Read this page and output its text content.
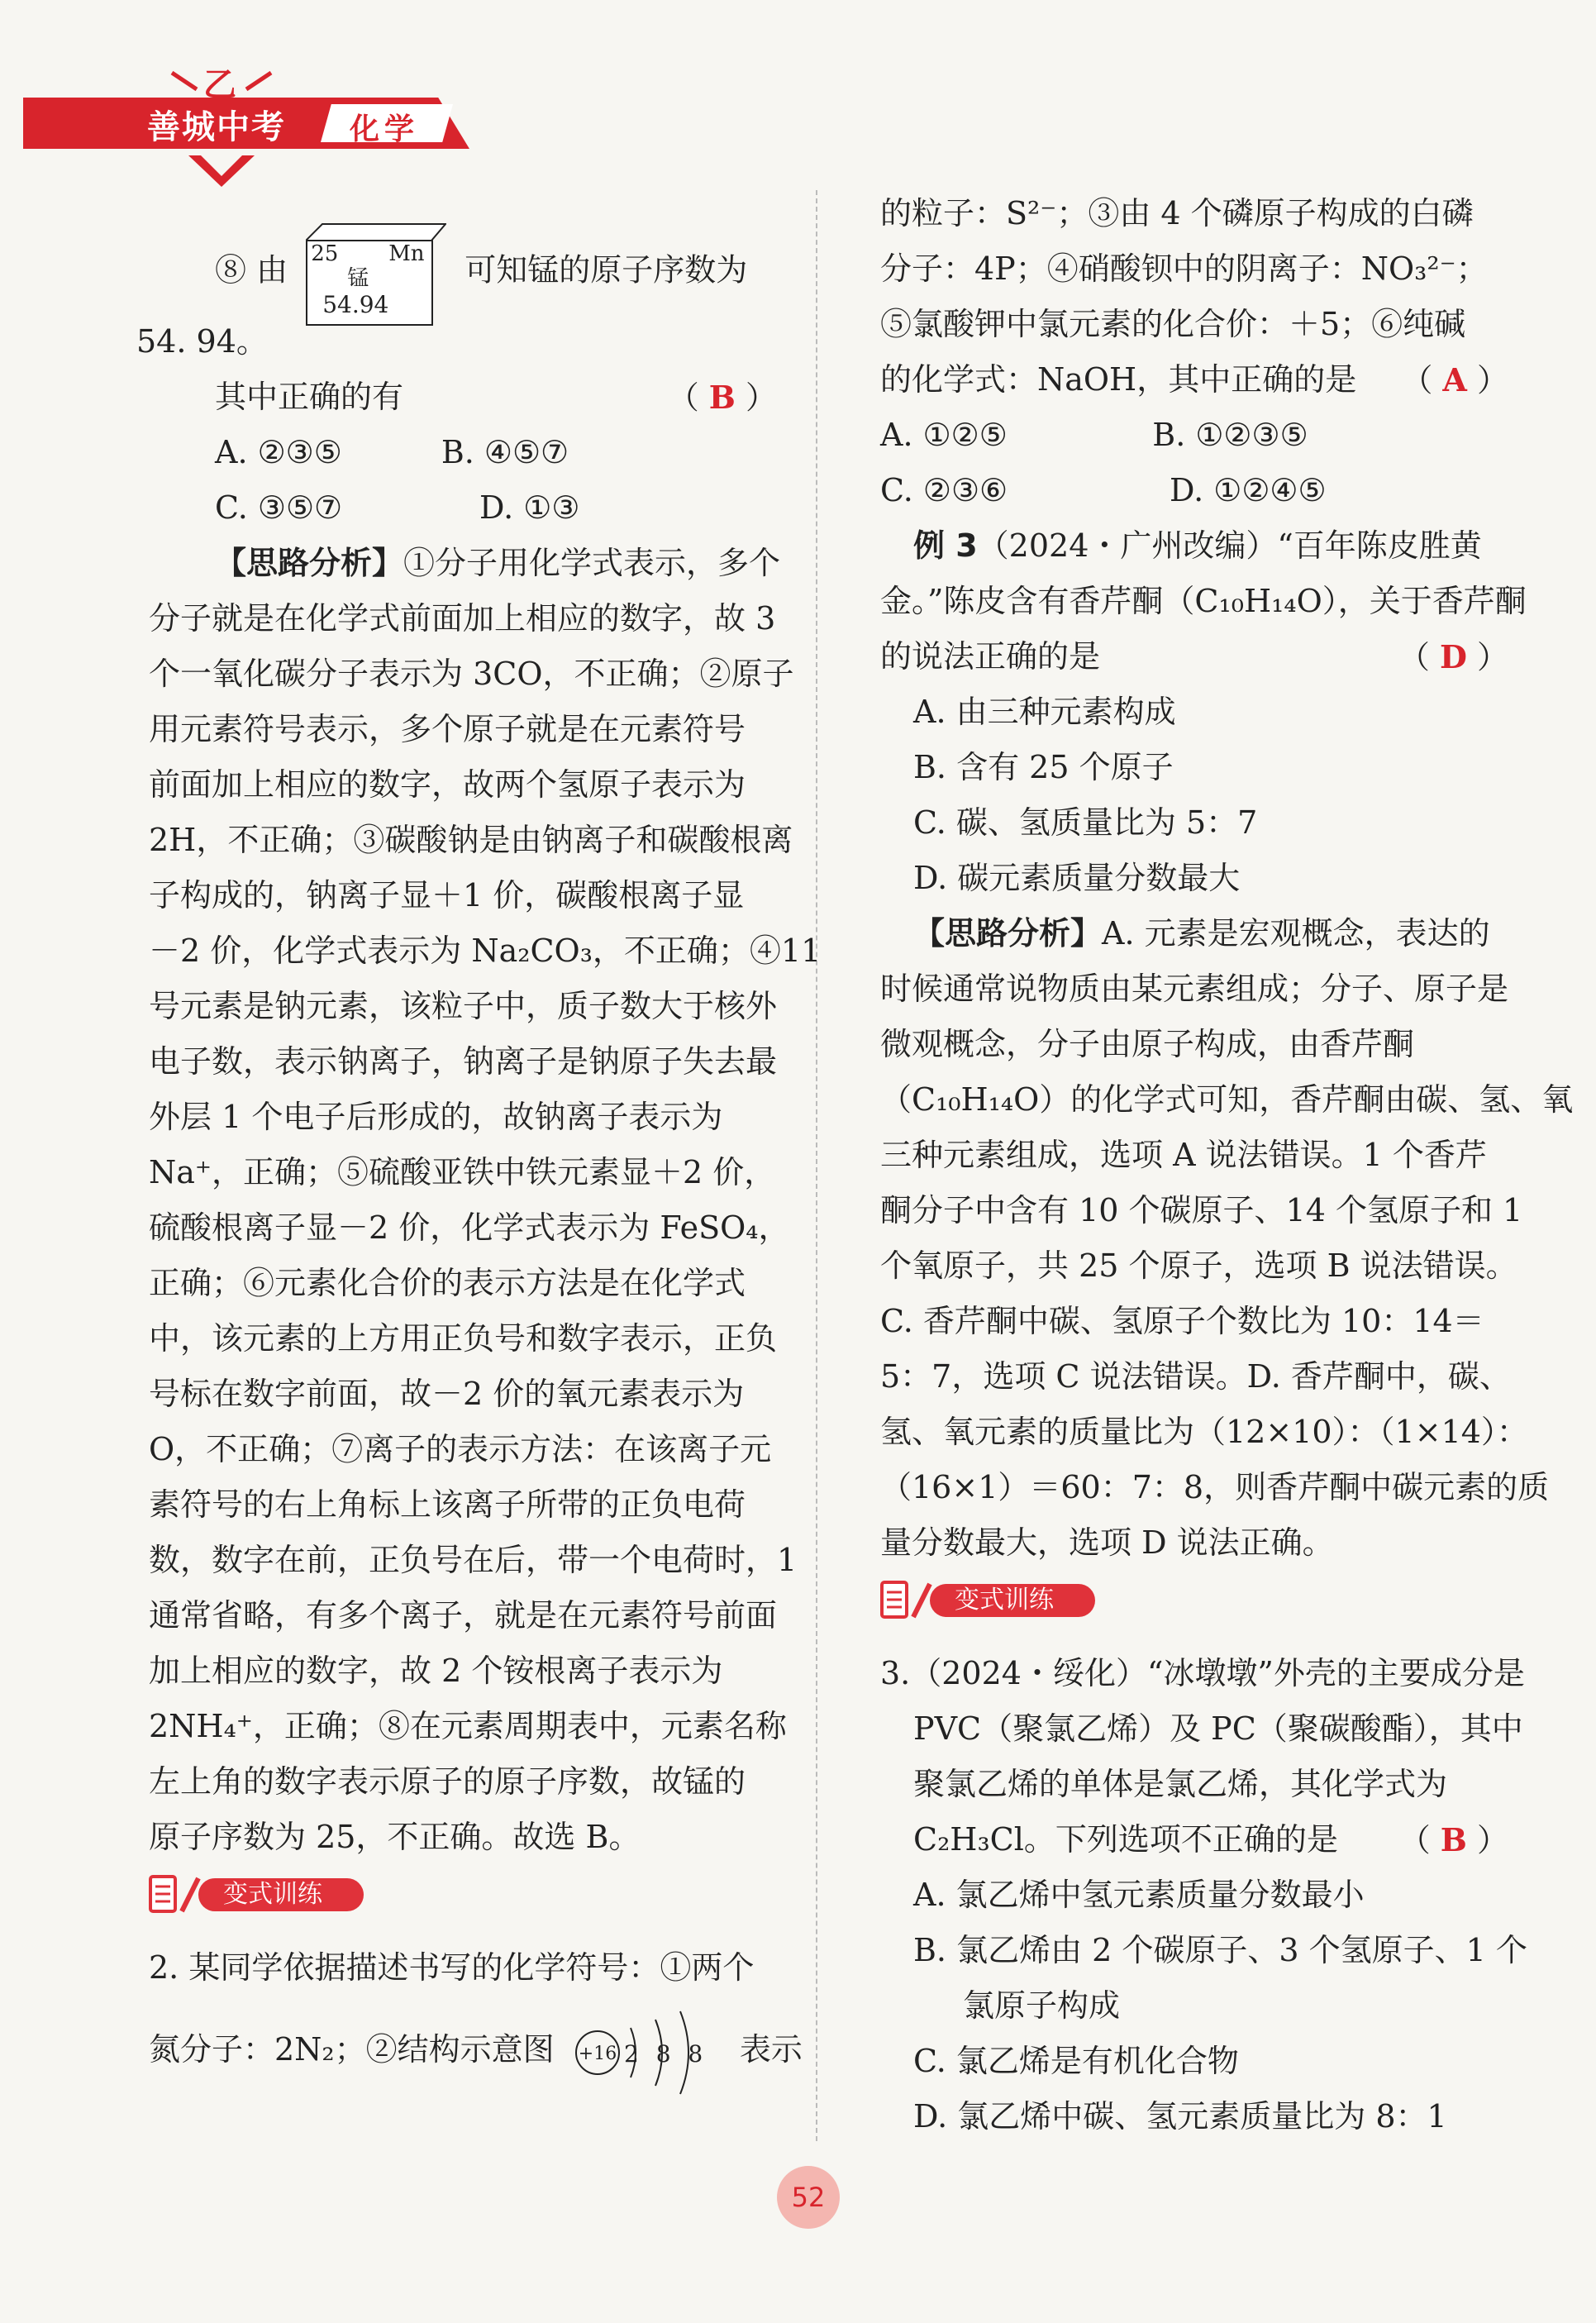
乙
善城中考 化学
⑧ 由 25 Mn
锰
54.94
可知锰的原子序数为
54. 94。
其中正确的有	（ B ）
A. ②③⑤	B. ④⑤⑦
C. ③⑤⑦	D. ①③
【思路分析】①分子用化学式表示，多个
分子就是在化学式前面加上相应的数字，故 3
个一氧化碳分子表示为 3CO，不正确；②原子
用元素符号表示，多个原子就是在元素符号
前面加上相应的数字，故两个氢原子表示为
2H，不正确；③碳酸钠是由钠离子和碳酸根离
子构成的，钠离子显＋1 价，碳酸根离子显
－2 价，化学式表示为 Na₂CO₃，不正确；④11
号元素是钠元素，该粒子中，质子数大于核外
电子数，表示钠离子，钠离子是钠原子失去最
外层 1 个电子后形成的，故钠离子表示为
Na⁺，正确；⑤硫酸亚铁中铁元素显＋2 价，
硫酸根离子显－2 价，化学式表示为 FeSO₄，
正确；⑥元素化合价的表示方法是在化学式
中，该元素的上方用正负号和数字表示，正负
号标在数字前面，故－2 价的氧元素表示为
O，不正确；⑦离子的表示方法：在该离子元
素符号的右上角标上该离子所带的正负电荷
数，数字在前，正负号在后，带一个电荷时，1
通常省略，有多个离子，就是在元素符号前面
加上相应的数字，故 2 个铵根离子表示为
2NH₄⁺，正确；⑧在元素周期表中，元素名称
左上角的数字表示原子的原子序数，故锰的
原子序数为 25，不正确。故选 B。
变式训练
2. 某同学依据描述书写的化学符号：①两个
氮分子：2N₂；②结构示意图 +16 2 8 8 表示
的粒子：S²⁻；③由 4 个磷原子构成的白磷
分子：4P；④硝酸钡中的阴离子：NO₃²⁻；
⑤氯酸钾中氯元素的化合价：＋5；⑥纯碱
的化学式：NaOH，其中正确的是 （ A ）
A. ①②⑤	B. ①②③⑤
C. ②③⑥	D. ①②④⑤
例 3（2024・广州改编）“百年陈皮胜黄
金。”陈皮含有香芹酮（C₁₀H₁₄O），关于香芹酮
的说法正确的是	（ D ）
A. 由三种元素构成
B. 含有 25 个原子
C. 碳、氢质量比为 5：7
D. 碳元素质量分数最大
【思路分析】A. 元素是宏观概念，表达的
时候通常说物质由某元素组成；分子、原子是
微观概念，分子由原子构成，由香芹酮
（C₁₀H₁₄O）的化学式可知，香芹酮由碳、氢、氧
三种元素组成，选项 A 说法错误。1 个香芹
酮分子中含有 10 个碳原子、14 个氢原子和 1
个氧原子，共 25 个原子，选项 B 说法错误。
C. 香芹酮中碳、氢原子个数比为 10：14＝
5：7，选项 C 说法错误。D. 香芹酮中，碳、
氢、氧元素的质量比为（12×10）：（1×14）：
（16×1）＝60：7：8，则香芹酮中碳元素的质
量分数最大，选项 D 说法正确。
变式训练
3.（2024・绥化）“冰墩墩”外壳的主要成分是
PVC（聚氯乙烯）及 PC（聚碳酸酯），其中
聚氯乙烯的单体是氯乙烯，其化学式为
C₂H₃Cl。下列选项不正确的是 （ B ）
A. 氯乙烯中氢元素质量分数最小
B. 氯乙烯由 2 个碳原子、3 个氢原子、1 个
氯原子构成
C. 氯乙烯是有机化合物
D. 氯乙烯中碳、氢元素质量比为 8：1
52
